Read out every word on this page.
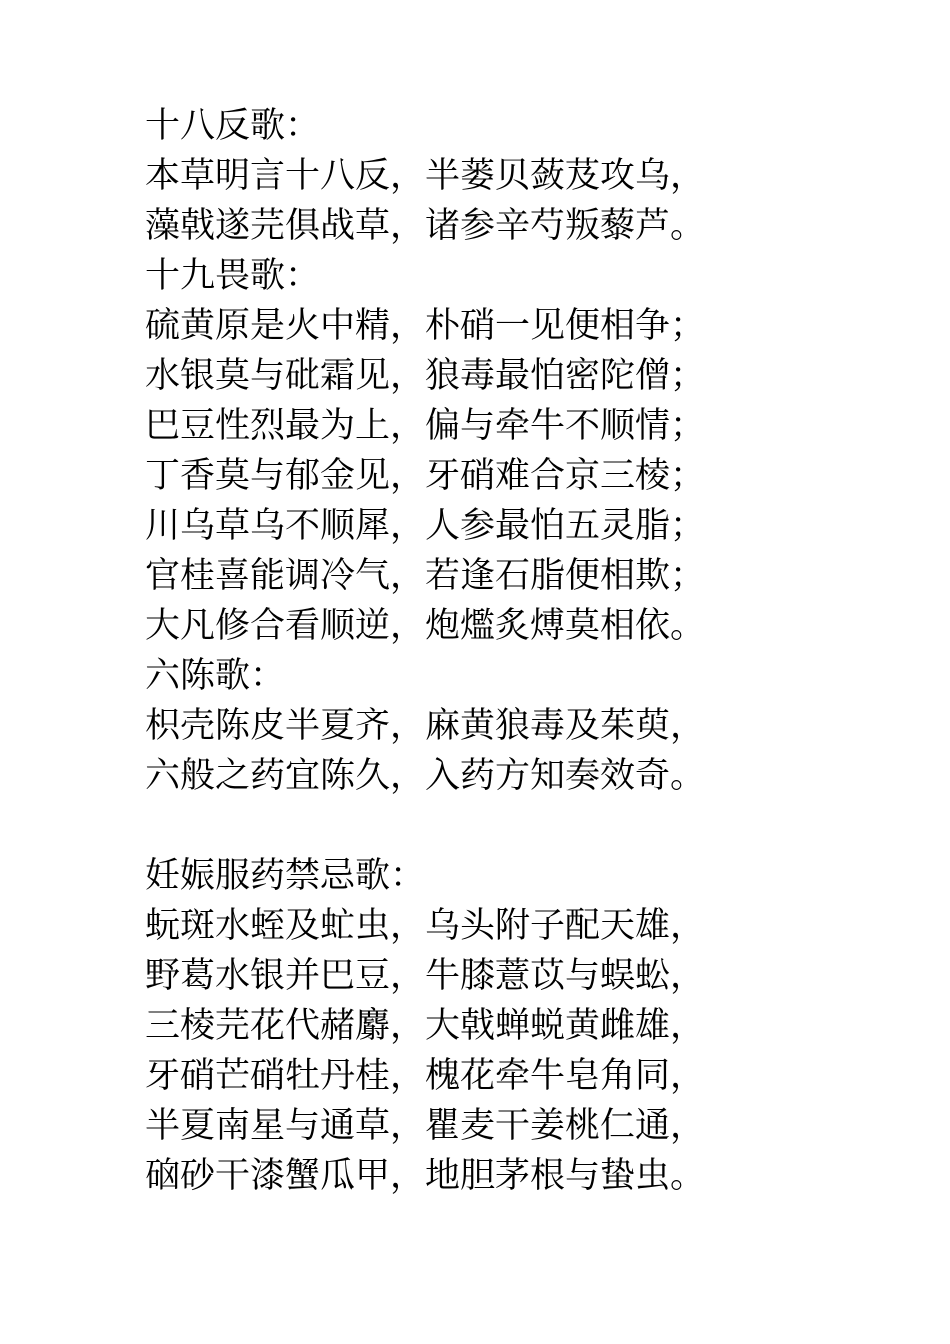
十八反歌：
本草明言十八反，半蒌贝蔹芨攻乌，
藻戟遂芫俱战草，诸参辛芍叛藜芦。
十九畏歌：
硫黄原是火中精，朴硝一见便相争；
水银莫与砒霜见，狼毒最怕密陀僧；
巴豆性烈最为上，偏与牵牛不顺情；
丁香莫与郁金见，牙硝难合京三棱；
川乌草乌不顺犀，人参最怕五灵脂；
官桂喜能调冷气，若逢石脂便相欺；
大凡修合看顺逆，炮爁炙煿莫相依。
六陈歌：
枳壳陈皮半夏齐，麻黄狼毒及茱萸，
六般之药宜陈久，入药方知奏效奇。
妊娠服药禁忌歌：
蚖斑水蛭及虻虫，乌头附子配天雄，
野葛水银并巴豆，牛膝薏苡与蜈蚣，
三棱芫花代赭麝，大戟蝉蜕黄雌雄，
牙硝芒硝牡丹桂，槐花牵牛皂角同，
半夏南星与通草，瞿麦干姜桃仁通，
硇砂干漆蟹瓜甲，地胆茅根与蛰虫。
